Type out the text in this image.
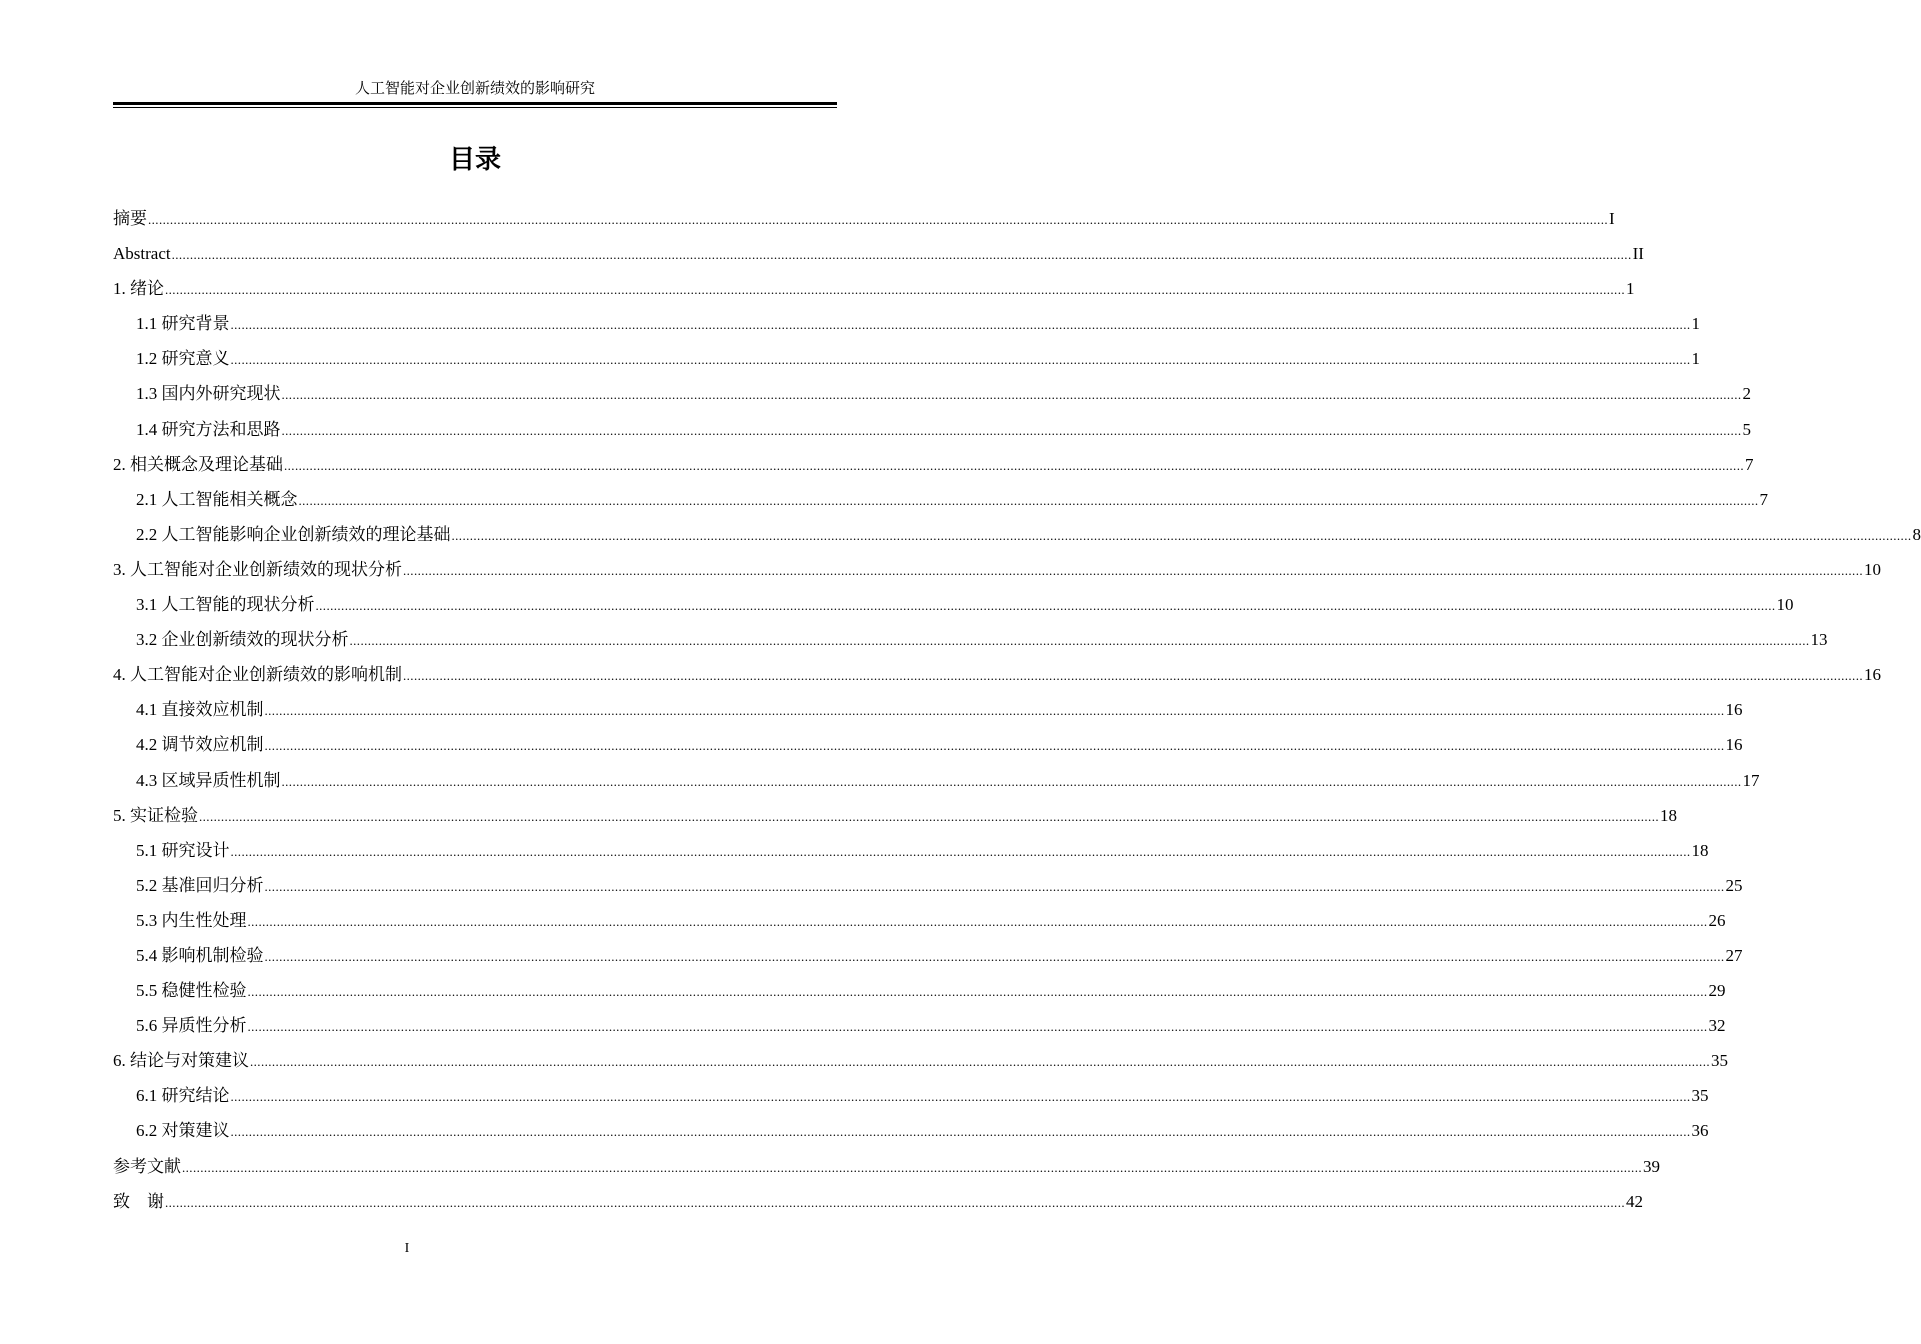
人工智能对企业创新绩效的影响研究
目录
摘要 ................................................................................................................................................................................................................................................................................................................................................................................................................ I
Abstract ................................................................................................................................................................................................................................................................................................................................................................................................................ II
1. 绪论 ................................................................................................................................................................................................................................................................................................................................................................................................................ 1
1.1 研究背景 ................................................................................................................................................................................................................................................................................................................................................................................................................ 1
1.2 研究意义 ................................................................................................................................................................................................................................................................................................................................................................................................................ 1
1.3 国内外研究现状 ................................................................................................................................................................................................................................................................................................................................................................................................................ 2
1.4 研究方法和思路 ................................................................................................................................................................................................................................................................................................................................................................................................................ 5
2. 相关概念及理论基础 ................................................................................................................................................................................................................................................................................................................................................................................................................ 7
2.1 人工智能相关概念 ................................................................................................................................................................................................................................................................................................................................................................................................................ 7
2.2 人工智能影响企业创新绩效的理论基础 ................................................................................................................................................................................................................................................................................................................................................................................................................ 8
3. 人工智能对企业创新绩效的现状分析 ................................................................................................................................................................................................................................................................................................................................................................................................................ 10
3.1 人工智能的现状分析 ................................................................................................................................................................................................................................................................................................................................................................................................................ 10
3.2 企业创新绩效的现状分析 ................................................................................................................................................................................................................................................................................................................................................................................................................ 13
4. 人工智能对企业创新绩效的影响机制 ................................................................................................................................................................................................................................................................................................................................................................................................................ 16
4.1 直接效应机制 ................................................................................................................................................................................................................................................................................................................................................................................................................ 16
4.2 调节效应机制 ................................................................................................................................................................................................................................................................................................................................................................................................................ 16
4.3 区域异质性机制 ................................................................................................................................................................................................................................................................................................................................................................................................................ 17
5. 实证检验 ................................................................................................................................................................................................................................................................................................................................................................................................................ 18
5.1 研究设计 ................................................................................................................................................................................................................................................................................................................................................................................................................ 18
5.2 基准回归分析 ................................................................................................................................................................................................................................................................................................................................................................................................................ 25
5.3 内生性处理 ................................................................................................................................................................................................................................................................................................................................................................................................................ 26
5.4 影响机制检验 ................................................................................................................................................................................................................................................................................................................................................................................................................ 27
5.5 稳健性检验 ................................................................................................................................................................................................................................................................................................................................................................................................................ 29
5.6 异质性分析 ................................................................................................................................................................................................................................................................................................................................................................................................................ 32
6. 结论与对策建议 ................................................................................................................................................................................................................................................................................................................................................................................................................ 35
6.1 研究结论 ................................................................................................................................................................................................................................................................................................................................................................................................................ 35
6.2 对策建议 ................................................................................................................................................................................................................................................................................................................................................................................................................ 36
参考文献 ................................................................................................................................................................................................................................................................................................................................................................................................................ 39
致　谢 ................................................................................................................................................................................................................................................................................................................................................................................................................ 42
I
